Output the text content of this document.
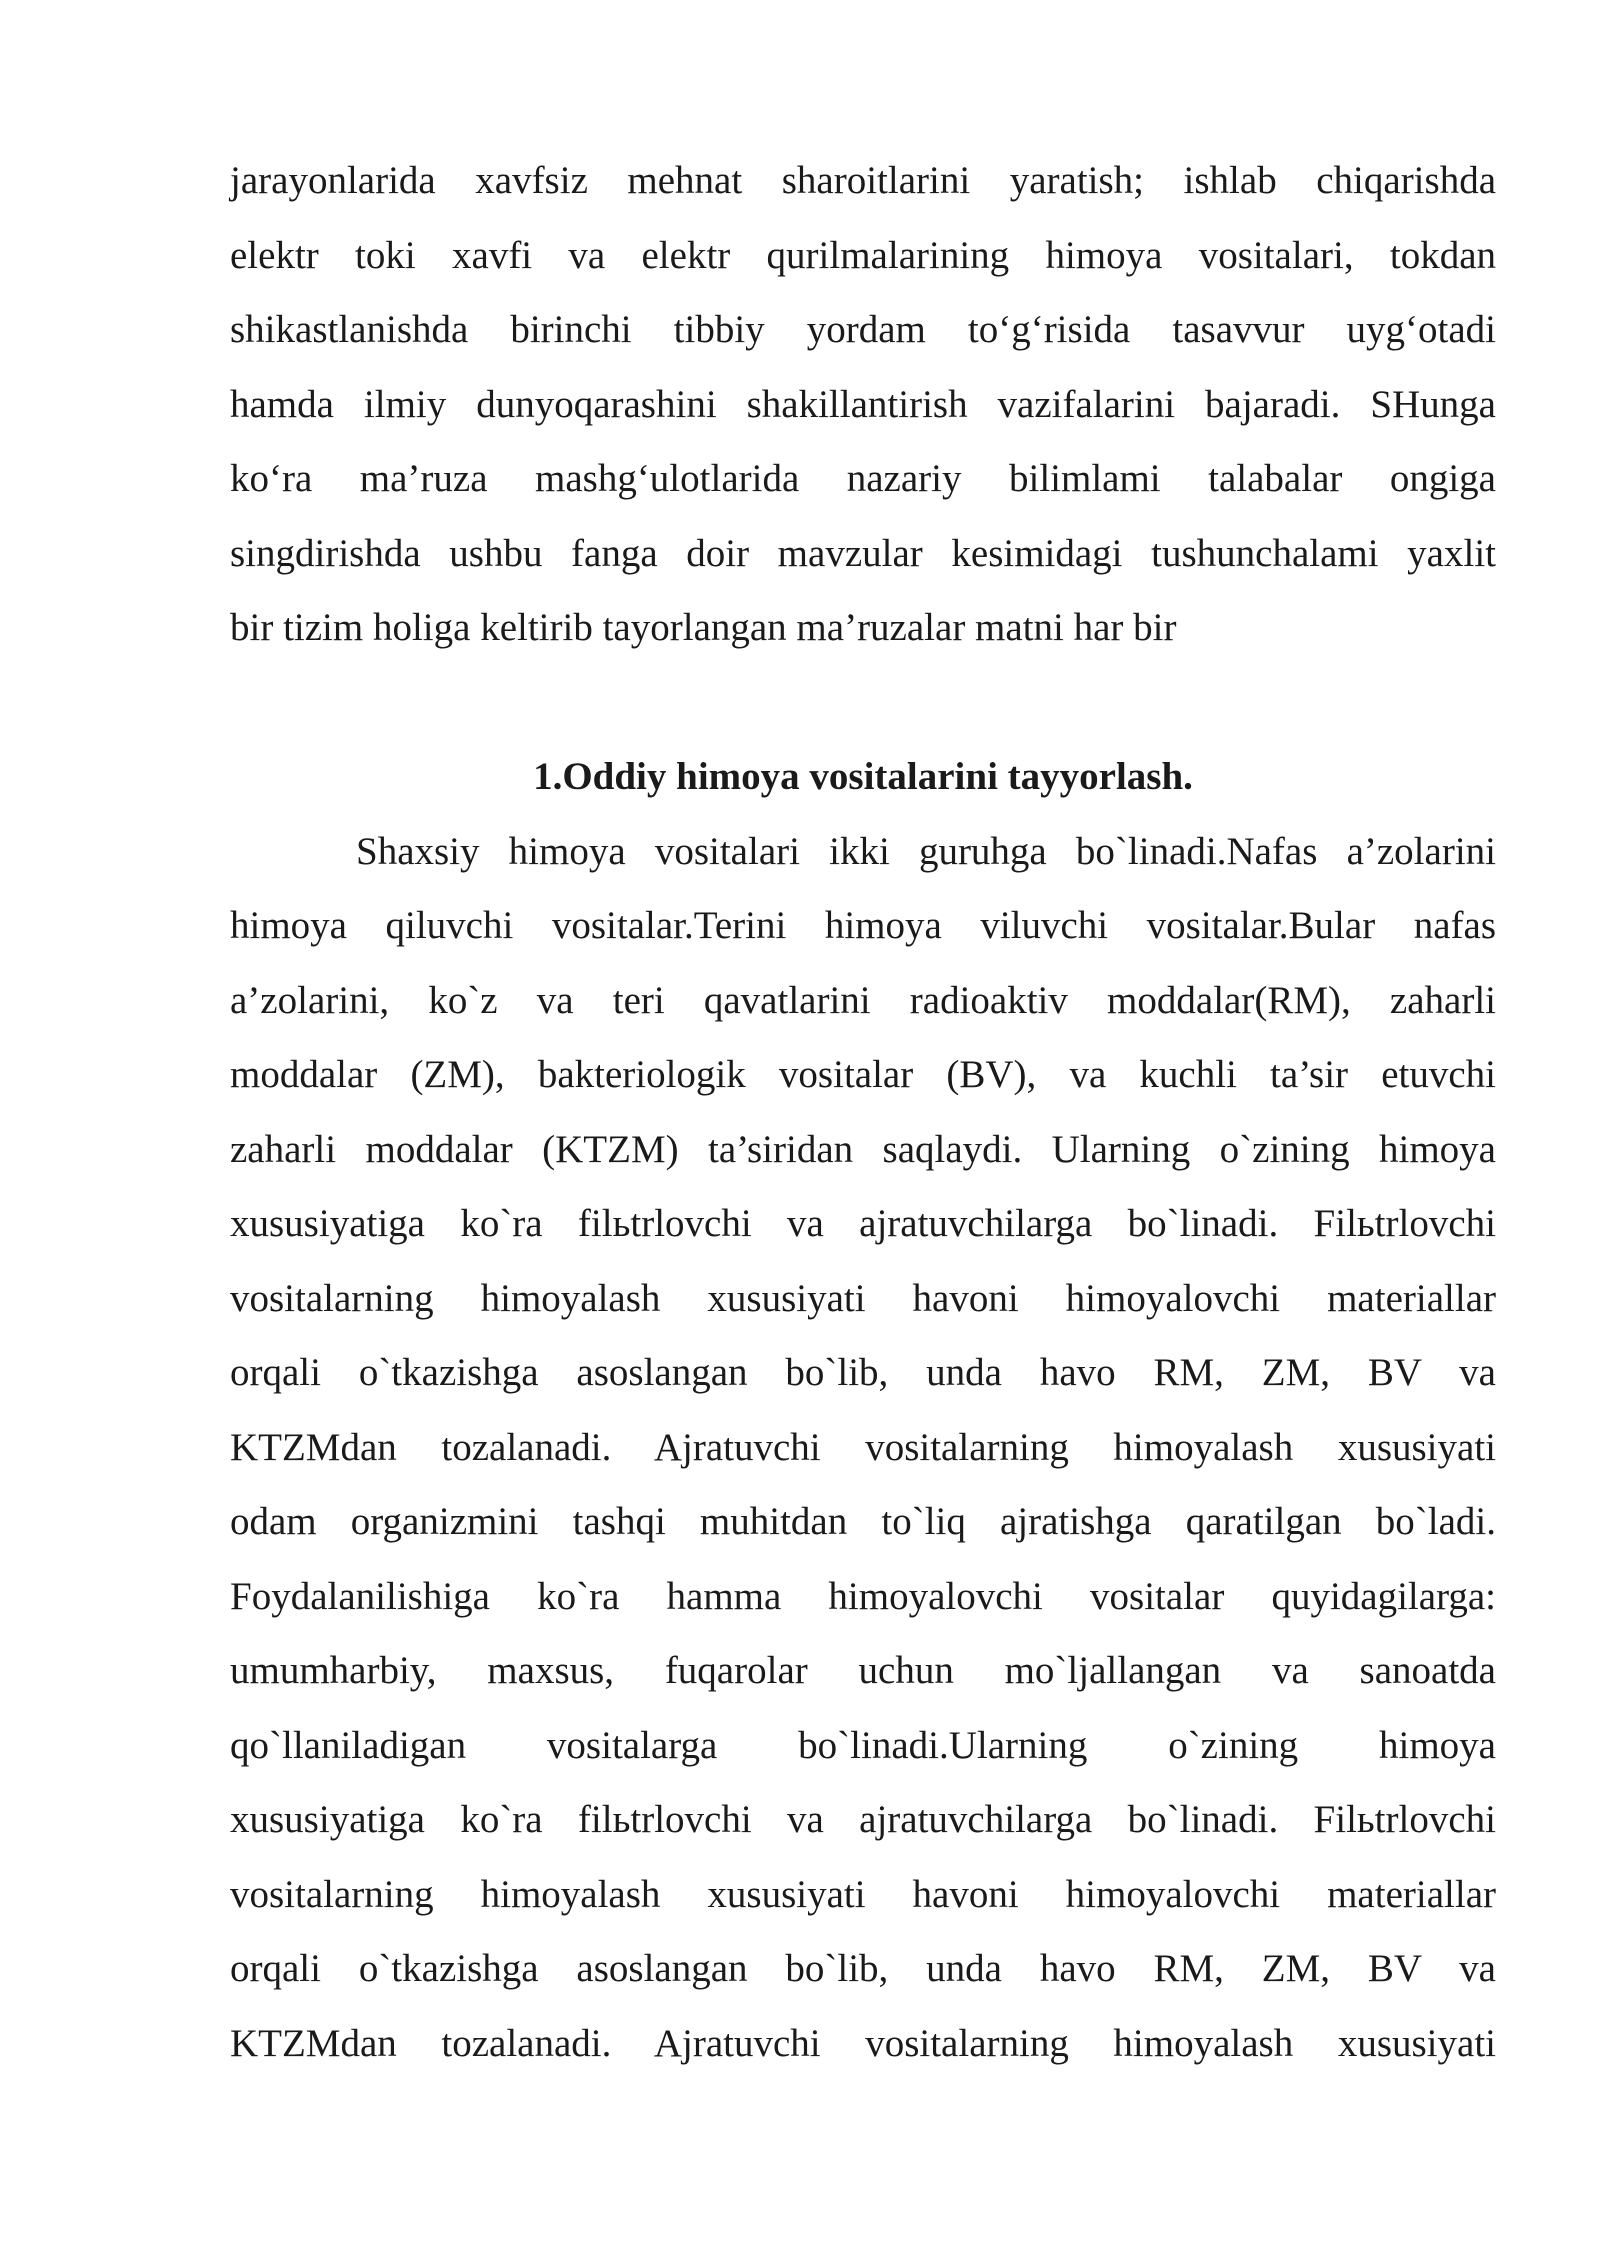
jarayonlarida xavfsiz mehnat sharoitlarini yaratish; ishlab chiqarishda
elektr toki xavfi va elektr qurilmalarining himoya vositalari, tokdan
shikastlanishda birinchi tibbiy yordam to‘g‘risida tasavvur uyg‘otadi
hamda ilmiy dunyoqarashini shakillantirish vazifalarini bajaradi. SHunga
ko‘ra ma’ruza mashg‘ulotlarida nazariy bilimlami talabalar ongiga
singdirishda ushbu fanga doir mavzular kesimidagi tushunchalami yaxlit
bir tizim holiga keltirib tayorlangan ma’ruzalar matni har bir
1.Oddiy himoya vositalarini tayyorlash.
Shaxsiy himoya vositalari ikki guruhga bo`linadi.Nafas a’zolarini
himoya qiluvchi vositalar.Terini himoya viluvchi vositalar.Bular nafas
a’zolarini, ko`z va teri qavatlarini radioaktiv moddalar(RM), zaharli
moddalar (ZM), bakteriologik vositalar (BV), va kuchli ta’sir etuvchi
zaharli moddalar (KTZM) ta’siridan saqlaydi. Ularning o`zining himoya
xususiyatiga ko`ra filьtrlovchi va ajratuvchilarga bo`linadi. Filьtrlovchi
vositalarning himoyalash xususiyati havoni himoyalovchi materiallar
orqali o`tkazishga asoslangan bo`lib, unda havo RM, ZM, BV va
KTZMdan tozalanadi. Ajratuvchi vositalarning himoyalash xususiyati
odam organizmini tashqi muhitdan to`liq ajratishga qaratilgan bo`ladi.
Foydalanilishiga ko`ra hamma himoyalovchi vositalar quyidagilarga:
umumharbiy, maxsus, fuqarolar uchun mo`ljallangan va sanoatda
qo`llaniladigan vositalarga bo`linadi.Ularning o`zining himoya
xususiyatiga ko`ra filьtrlovchi va ajratuvchilarga bo`linadi. Filьtrlovchi
vositalarning himoyalash xususiyati havoni himoyalovchi materiallar
orqali o`tkazishga asoslangan bo`lib, unda havo RM, ZM, BV va
KTZMdan tozalanadi. Ajratuvchi vositalarning himoyalash xususiyati
